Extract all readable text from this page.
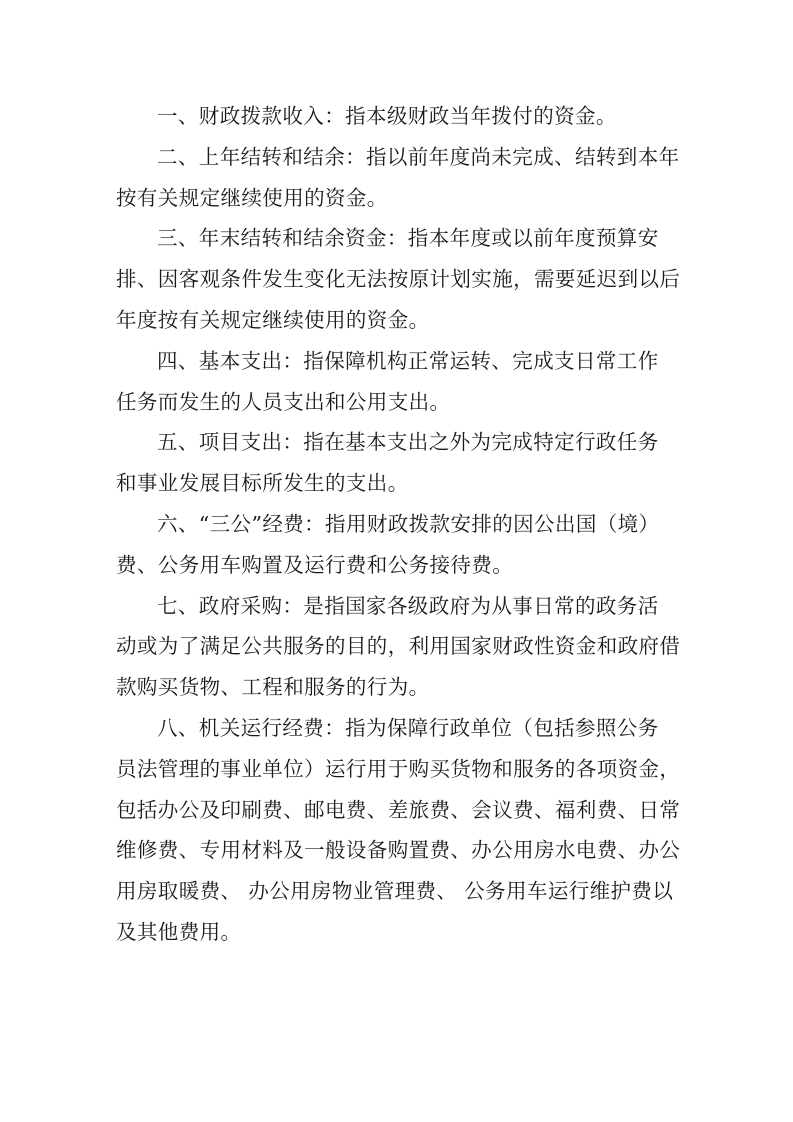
一、财政拨款收入：指本级财政当年拨付的资金。
二、上年结转和结余：指以前年度尚未完成、结转到本年
按有关规定继续使用的资金。
三、年末结转和结余资金：指本年度或以前年度预算安
排、因客观条件发生变化无法按原计划实施，需要延迟到以后
年度按有关规定继续使用的资金。
四、基本支出：指保障机构正常运转、完成支日常工作
任务而发生的人员支出和公用支出。
五、项目支出：指在基本支出之外为完成特定行政任务
和事业发展目标所发生的支出。
六、“三公”经费：指用财政拨款安排的因公出国（境）
费、公务用车购置及运行费和公务接待费。
七、政府采购：是指国家各级政府为从事日常的政务活
动或为了满足公共服务的目的，利用国家财政性资金和政府借
款购买货物、工程和服务的行为。
八、机关运行经费：指为保障行政单位（包括参照公务
员法管理的事业单位）运行用于购买货物和服务的各项资金，
包括办公及印刷费、邮电费、差旅费、会议费、福利费、日常
维修费、专用材料及一般设备购置费、办公用房水电费、办公
用房取暖费、 办公用房物业管理费、 公务用车运行维护费以
及其他费用。
